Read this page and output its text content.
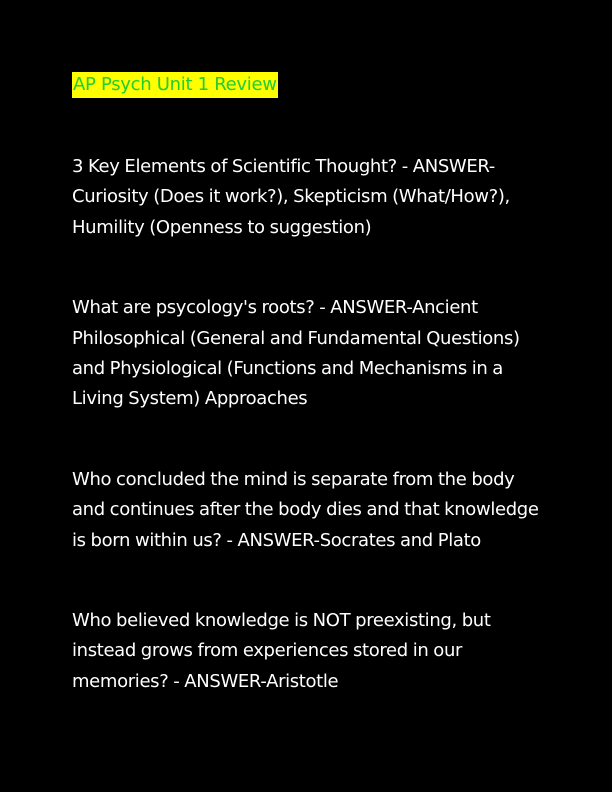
AP Psych Unit 1 Review

3 Key Elements of Scientific Thought? - ANSWER-
Curiosity (Does it work?), Skepticism (What/How?),
Humility (Openness to suggestion)

What are psycology's roots? - ANSWER-Ancient
Philosophical (General and Fundamental Questions)
and Physiological (Functions and Mechanisms in a
Living System) Approaches

Who concluded the mind is separate from the body
and continues after the body dies and that knowledge
is born within us? - ANSWER-Socrates and Plato

Who believed knowledge is NOT preexisting, but
instead grows from experiences stored in our
memories? - ANSWER-Aristotle
